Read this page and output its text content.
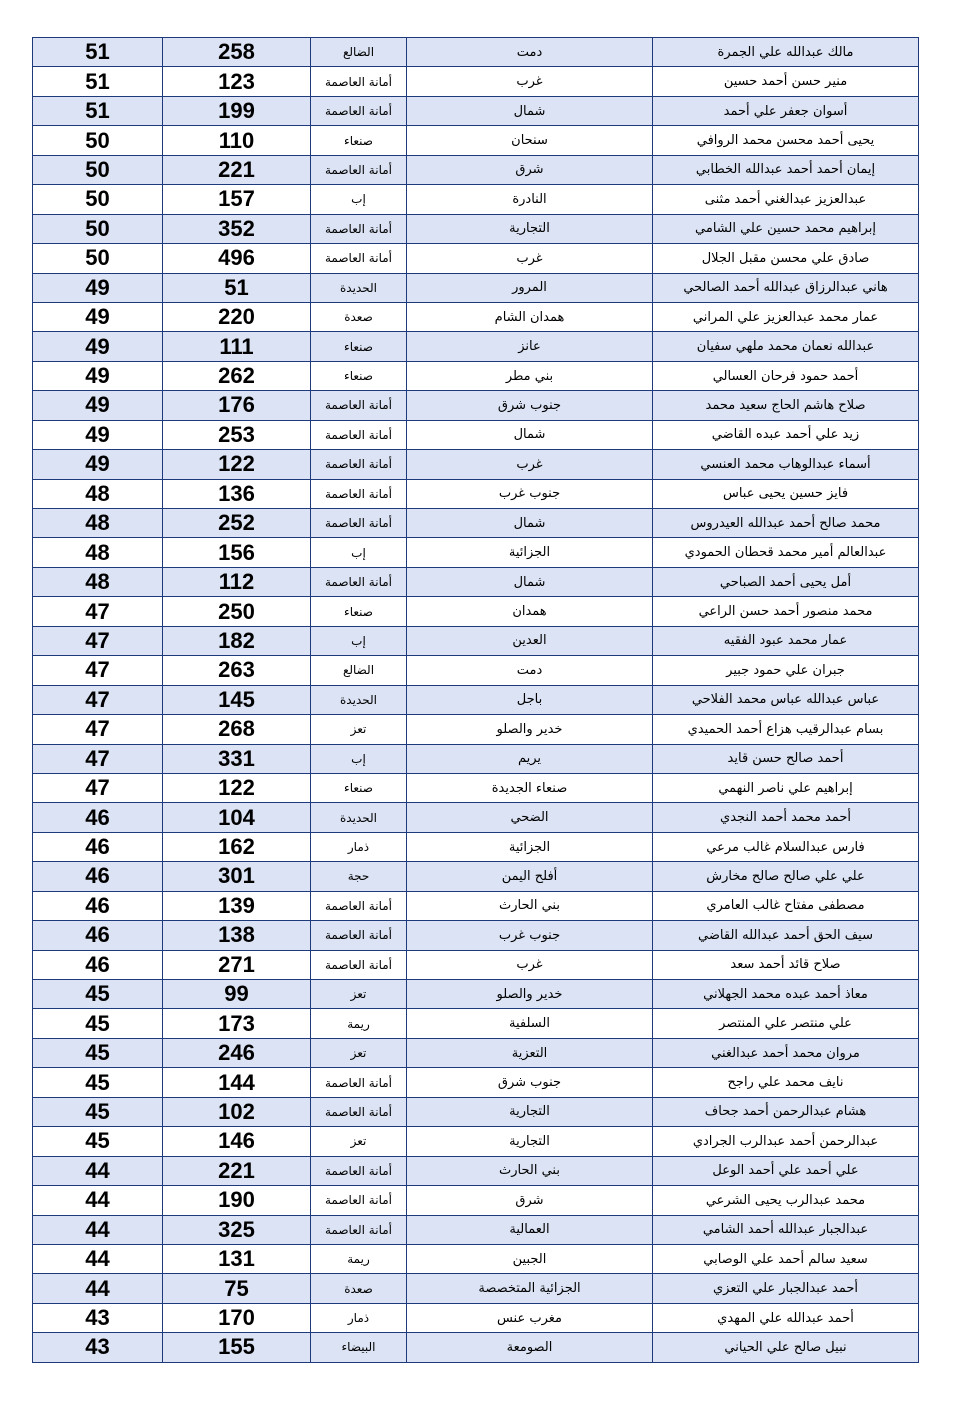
51	258	الضالع	دمت	مالك عبدالله علي الجمرة
51	123	أمانة العاصمة	غرب	منير حسن أحمد حسين
51	199	أمانة العاصمة	شمال	أسوان جعفر علي أحمد
50	110	صنعاء	سنحان	يحيى أحمد محسن محمد الروافي
50	221	أمانة العاصمة	شرق	إيمان أحمد أحمد عبدالله الخطابي
50	157	إب	النادرة	عبدالعزيز عبدالغني أحمد مثنى
50	352	أمانة العاصمة	التجارية	إبراهيم محمد حسين علي الشامي
50	496	أمانة العاصمة	غرب	صادق علي محسن مقبل الجلال
49	51	الحديدة	المرور	هاني عبدالرزاق عبدالله أحمد الصالحي
49	220	صعدة	همدان الشام	عمار محمد عبدالعزيز علي المراني
49	111	صنعاء	عانز	عبدالله نعمان محمد ملهي سفيان
49	262	صنعاء	بني مطر	أحمد حمود فرحان العسالي
49	176	أمانة العاصمة	جنوب شرق	صلاح هاشم الحاج سعيد محمد
49	253	أمانة العاصمة	شمال	زيد علي أحمد عبده القاضي
49	122	أمانة العاصمة	غرب	أسماء عبدالوهاب محمد العنسي
48	136	أمانة العاصمة	جنوب غرب	فايز حسين يحيى عباس
48	252	أمانة العاصمة	شمال	محمد صالح أحمد عبدالله العيدروس
48	156	إب	الجزائية	عبدالعالم أمير محمد قحطان الحمودي
48	112	أمانة العاصمة	شمال	أمل يحيى أحمد الصباحي
47	250	صنعاء	همدان	محمد منصور أحمد حسن الراعي
47	182	إب	العدين	عمار محمد عبود الفقيه
47	263	الضالع	دمت	جبران علي حمود جبير
47	145	الحديدة	باجل	عباس عبدالله عباس محمد الفلاحي
47	268	تعز	خدير والصلو	بسام عبدالرقيب هزاع أحمد الحميدي
47	331	إب	يريم	أحمد صالح حسن قايد
47	122	صنعاء	صنعاء الجديدة	إبراهيم علي ناصر النهمي
46	104	الحديدة	الضحي	أحمد محمد أحمد النجدي
46	162	ذمار	الجزائية	فارس عبدالسلام غالب مرعي
46	301	حجة	أفلح اليمن	علي علي صالح صالح مخارش
46	139	أمانة العاصمة	بني الحارث	مصطفى مفتاح غالب العامري
46	138	أمانة العاصمة	جنوب غرب	سيف الحق أحمد عبدالله القاضي
46	271	أمانة العاصمة	غرب	صلاح قائد أحمد سعد
45	99	تعز	خدير والصلو	معاذ أحمد عبده محمد الجهلاني
45	173	ريمة	السلفية	علي منتصر علي المنتصر
45	246	تعز	التعزية	مروان محمد أحمد عبدالغني
45	144	أمانة العاصمة	جنوب شرق	نايف محمد علي راجح
45	102	أمانة العاصمة	التجارية	هشام عبدالرحمن أحمد جحاف
45	146	تعز	التجارية	عبدالرحمن أحمد عبدالرب الجرادي
44	221	أمانة العاصمة	بني الحارث	علي أحمد علي أحمد الوعل
44	190	أمانة العاصمة	شرق	محمد عبدالرب يحيى الشرعي
44	325	أمانة العاصمة	العمالية	عبدالجبار عبدالله أحمد الشامي
44	131	ريمة	الجبين	سعيد سالم أحمد علي الوصابي
44	75	صعدة	الجزائية المتخصصة	أحمد عبدالجبار علي التعزي
43	170	ذمار	مغرب عنس	أحمد عبدالله علي المهدي
43	155	البيضاء	الصومعة	نبيل صالح علي الحياني
